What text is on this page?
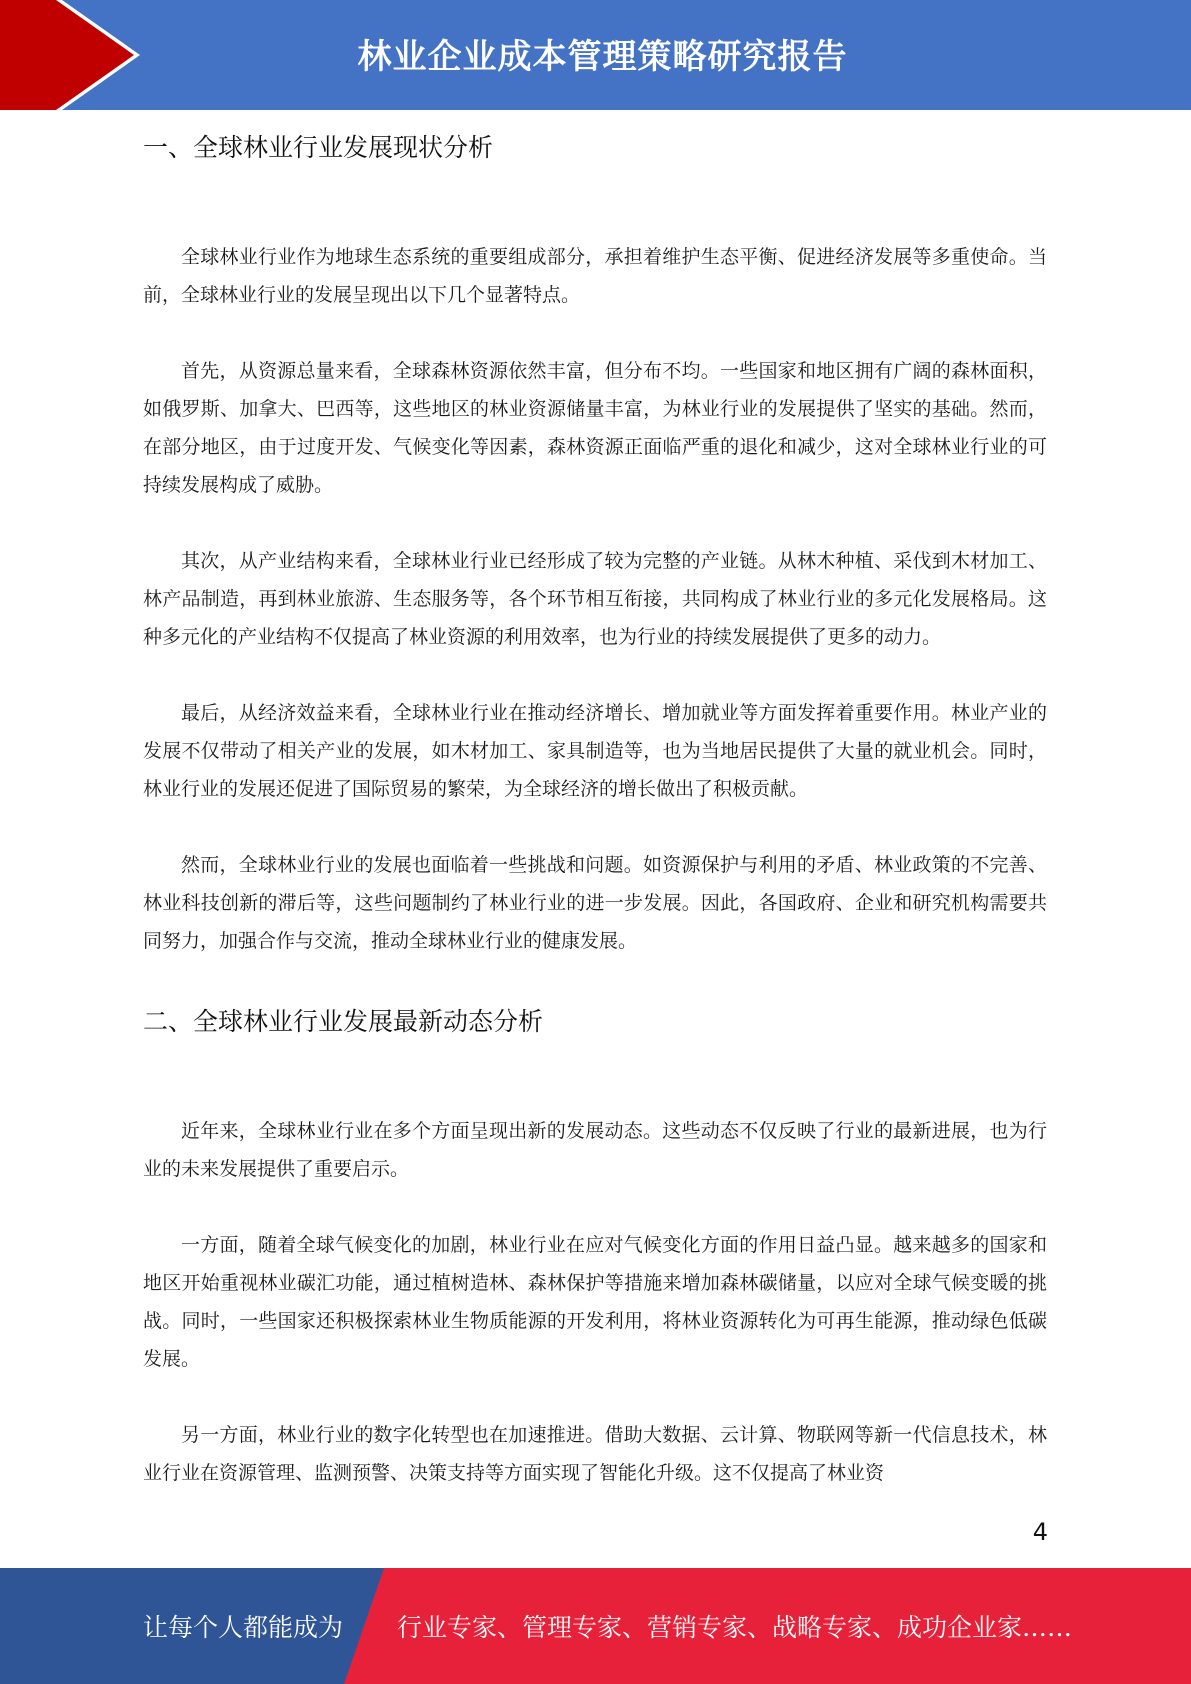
林业企业成本管理策略研究报告
一、全球林业行业发展现状分析

全球林业行业作为地球生态系统的重要组成部分，承担着维护生态平衡、促进经济发展等多重使命。当前，全球林业行业的发展呈现出以下几个显著特点。

首先，从资源总量来看，全球森林资源依然丰富，但分布不均。一些国家和地区拥有广阔的森林面积，如俄罗斯、加拿大、巴西等，这些地区的林业资源储量丰富，为林业行业的发展提供了坚实的基础。然而，在部分地区，由于过度开发、气候变化等因素，森林资源正面临严重的退化和减少，这对全球林业行业的可持续发展构成了威胁。

其次，从产业结构来看，全球林业行业已经形成了较为完整的产业链。从林木种植、采伐到木材加工、林产品制造，再到林业旅游、生态服务等，各个环节相互衔接，共同构成了林业行业的多元化发展格局。这种多元化的产业结构不仅提高了林业资源的利用效率，也为行业的持续发展提供了更多的动力。

最后，从经济效益来看，全球林业行业在推动经济增长、增加就业等方面发挥着重要作用。林业产业的发展不仅带动了相关产业的发展，如木材加工、家具制造等，也为当地居民提供了大量的就业机会。同时，林业行业的发展还促进了国际贸易的繁荣，为全球经济的增长做出了积极贡献。

然而，全球林业行业的发展也面临着一些挑战和问题。如资源保护与利用的矛盾、林业政策的不完善、林业科技创新的滞后等，这些问题制约了林业行业的进一步发展。因此，各国政府、企业和研究机构需要共同努力，加强合作与交流，推动全球林业行业的健康发展。

二、全球林业行业发展最新动态分析

近年来，全球林业行业在多个方面呈现出新的发展动态。这些动态不仅反映了行业的最新进展，也为行业的未来发展提供了重要启示。

一方面，随着全球气候变化的加剧，林业行业在应对气候变化方面的作用日益凸显。越来越多的国家和地区开始重视林业碳汇功能，通过植树造林、森林保护等措施来增加森林碳储量，以应对全球气候变暖的挑战。同时，一些国家还积极探索林业生物质能源的开发利用，将林业资源转化为可再生能源，推动绿色低碳发展。

另一方面，林业行业的数字化转型也在加速推进。借助大数据、云计算、物联网等新一代信息技术，林业行业在资源管理、监测预警、决策支持等方面实现了智能化升级。这不仅提高了林业资

4
让每个人都能成为 行业专家、管理专家、营销专家、战略专家、成功企业家……
